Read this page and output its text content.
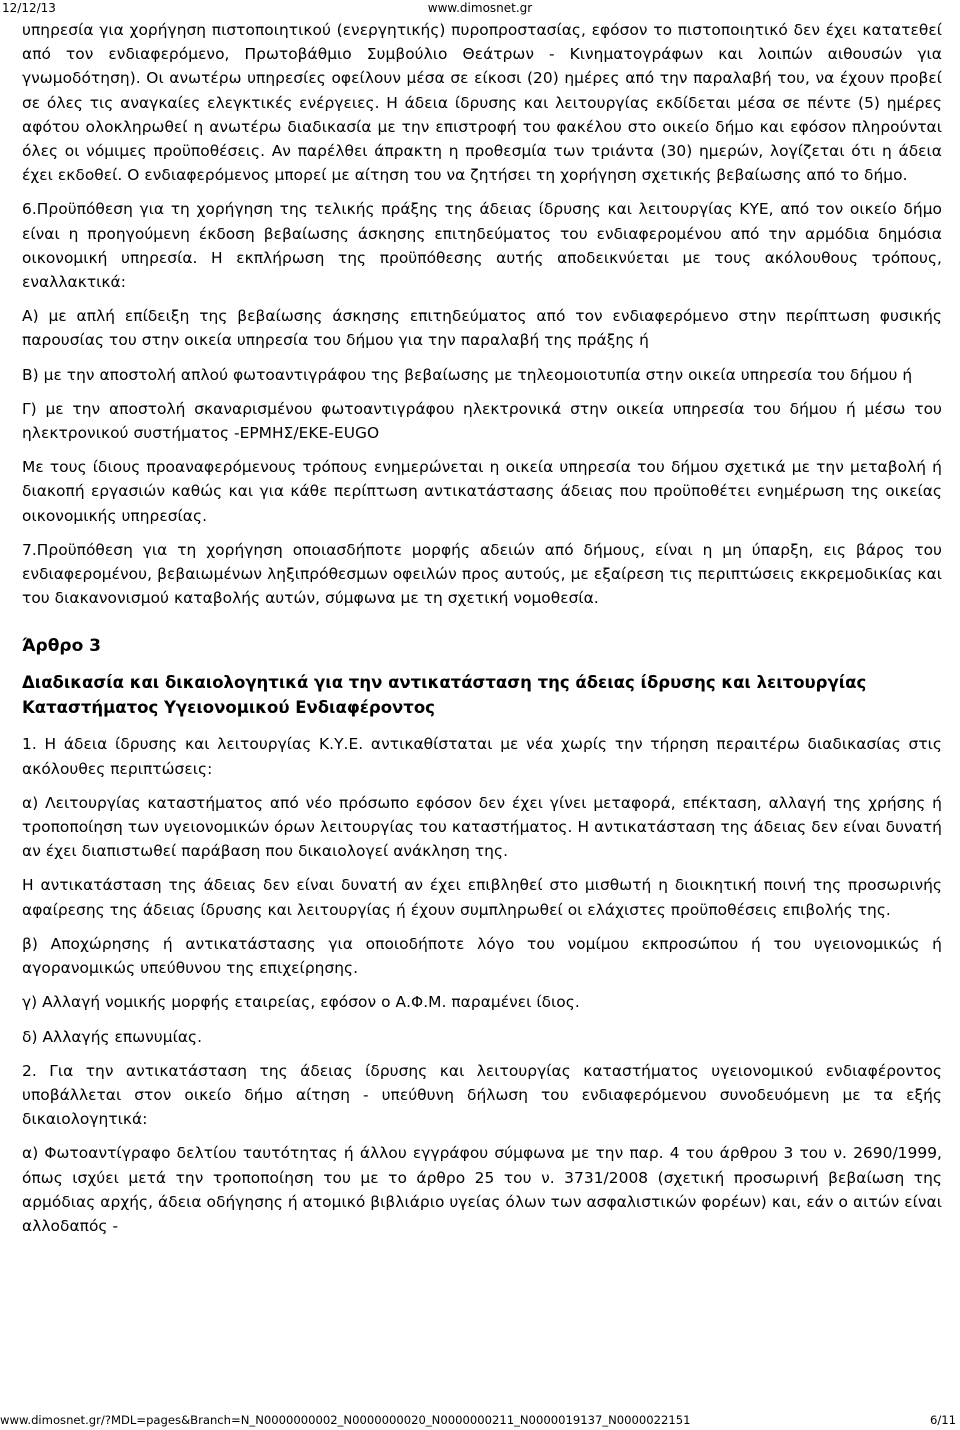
12/12/13	www.dimosnet.gr

υπηρεσία για χορήγηση πιστοποιητικού (ενεργητικής) πυροπροστασίας, εφόσον το πιστοποιητικό δεν έχει κατατεθεί από τον ενδιαφερόμενο, Πρωτοβάθμιο Συμβούλιο Θεάτρων - Κινηματογράφων και λοιπών αιθουσών για γνωμοδότηση). Οι ανωτέρω υπηρεσίες οφείλουν μέσα σε είκοσι (20) ημέρες από την παραλαβή του, να έχουν προβεί σε όλες τις αναγκαίες ελεγκτικές ενέργειες. Η άδεια ίδρυσης και λειτουργίας εκδίδεται μέσα σε πέντε (5) ημέρες αφότου ολοκληρωθεί η ανωτέρω διαδικασία με την επιστροφή του φακέλου στο οικείο δήμο και εφόσον πληρούνται όλες οι νόμιμες προϋποθέσεις. Αν παρέλθει άπρακτη η προθεσμία των τριάντα (30) ημερών, λογίζεται ότι η άδεια έχει εκδοθεί. Ο ενδιαφερόμενος μπορεί με αίτηση του να ζητήσει τη χορήγηση σχετικής βεβαίωσης από το δήμο.

6.Προϋπόθεση για τη χορήγηση της τελικής πράξης της άδειας ίδρυσης και λειτουργίας ΚΥΕ, από τον οικείο δήμο είναι η προηγούμενη έκδοση βεβαίωσης άσκησης επιτηδεύματος του ενδιαφερομένου από την αρμόδια δημόσια οικονομική υπηρεσία. Η εκπλήρωση της προϋπόθεσης αυτής αποδεικνύεται με τους ακόλουθους τρόπους, εναλλακτικά:

Α) με απλή επίδειξη της βεβαίωσης άσκησης επιτηδεύματος από τον ενδιαφερόμενο στην περίπτωση φυσικής παρουσίας του στην οικεία υπηρεσία του δήμου για την παραλαβή της πράξης ή

Β) με την αποστολή απλού φωτοαντιγράφου της βεβαίωσης με τηλεομοιοτυπία στην οικεία υπηρεσία του δήμου ή

Γ) με την αποστολή σκαναρισμένου φωτοαντιγράφου ηλεκτρονικά στην οικεία υπηρεσία του δήμου ή μέσω του ηλεκτρονικού συστήματος -ΕΡΜΗΣ/ΕΚΕ-EUGO

Με τους ίδιους προαναφερόμενους τρόπους ενημερώνεται η οικεία υπηρεσία του δήμου σχετικά με την μεταβολή ή διακοπή εργασιών καθώς και για κάθε περίπτωση αντικατάστασης άδειας που προϋποθέτει ενημέρωση της οικείας οικονομικής υπηρεσίας.

7.Προϋπόθεση για τη χορήγηση οποιασδήποτε μορφής αδειών από δήμους, είναι η μη ύπαρξη, εις βάρος του ενδιαφερομένου, βεβαιωμένων ληξιπρόθεσμων οφειλών προς αυτούς, με εξαίρεση τις περιπτώσεις εκκρεμοδικίας και του διακανονισμού καταβολής αυτών, σύμφωνα με τη σχετική νομοθεσία.

Άρθρο 3
Διαδικασία και δικαιολογητικά για την αντικατάσταση της άδειας ίδρυσης και λειτουργίας Καταστήματος Υγειονομικού Ενδιαφέροντος

1. Η άδεια ίδρυσης και λειτουργίας Κ.Υ.Ε. αντικαθίσταται με νέα χωρίς την τήρηση περαιτέρω διαδικασίας στις ακόλουθες περιπτώσεις:

α) Λειτουργίας καταστήματος από νέο πρόσωπο εφόσον δεν έχει γίνει μεταφορά, επέκταση, αλλαγή της χρήσης ή τροποποίηση των υγειονομικών όρων λειτουργίας του καταστήματος. Η αντικατάσταση της άδειας δεν είναι δυνατή αν έχει διαπιστωθεί παράβαση που δικαιολογεί ανάκληση της.

Η αντικατάσταση της άδειας δεν είναι δυνατή αν έχει επιβληθεί στο μισθωτή η διοικητική ποινή της προσωρινής αφαίρεσης της άδειας ίδρυσης και λειτουργίας ή έχουν συμπληρωθεί οι ελάχιστες προϋποθέσεις επιβολής της.

β) Αποχώρησης ή αντικατάστασης για οποιοδήποτε λόγο του νομίμου εκπροσώπου ή του υγειονομικώς ή αγορανομικώς υπεύθυνου της επιχείρησης.

γ) Αλλαγή νομικής μορφής εταιρείας, εφόσον ο Α.Φ.Μ. παραμένει ίδιος.

δ) Αλλαγής επωνυμίας.

2. Για την αντικατάσταση της άδειας ίδρυσης και λειτουργίας καταστήματος υγειονομικού ενδιαφέροντος υποβάλλεται στον οικείο δήμο αίτηση - υπεύθυνη δήλωση του ενδιαφερόμενου συνοδευόμενη με τα εξής δικαιολογητικά:

α) Φωτοαντίγραφο δελτίου ταυτότητας ή άλλου εγγράφου σύμφωνα με την παρ. 4 του άρθρου 3 του ν. 2690/1999, όπως ισχύει μετά την τροποποίηση του με το άρθρο 25 του ν. 3731/2008 (σχετική προσωρινή βεβαίωση της αρμόδιας αρχής, άδεια οδήγησης ή ατομικό βιβλιάριο υγείας όλων των ασφαλιστικών φορέων) και, εάν ο αιτών είναι αλλοδαπός -

www.dimosnet.gr/?MDL=pages&Branch=N_N0000000002_N0000000020_N0000000211_N0000019137_N0000022151	6/11
